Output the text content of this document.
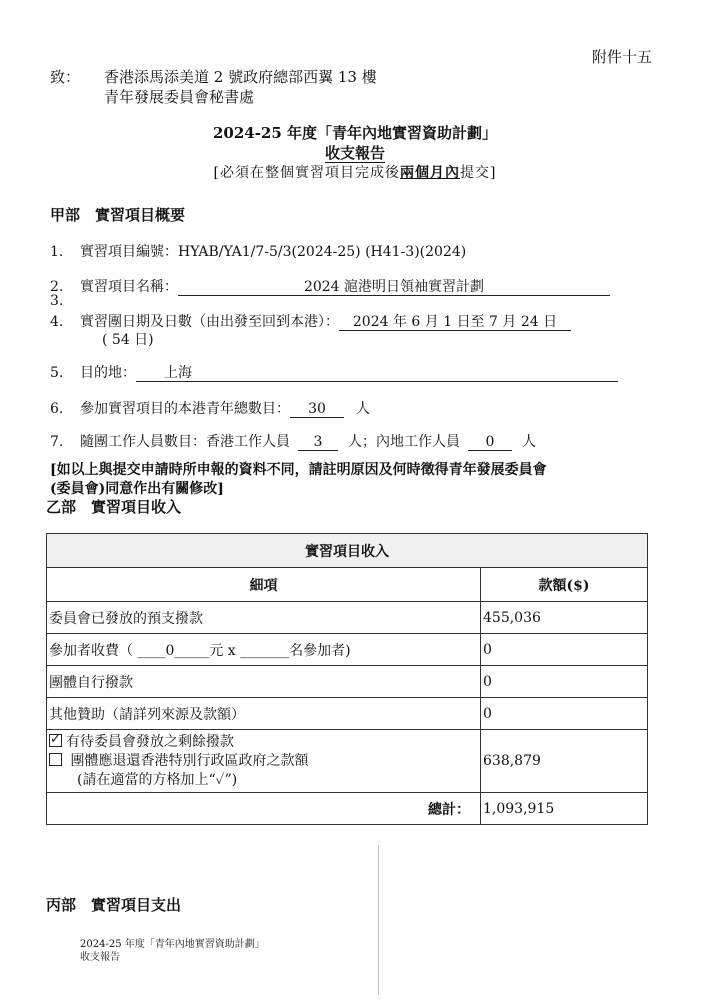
附件十五
致： 香港添馬添美道 2 號政府總部西翼 13 樓
青年發展委員會秘書處
2024-25 年度「青年內地實習資助計劃」
收支報告
[必須在整個實習項目完成後兩個月內提交]
甲部　實習項目概要
1. 實習項目編號：HYAB/YA1/7-5/3(2024-25) (H41-3)(2024)
2. 實習項目名稱：	2024 滬港明日領袖實習計劃
3.
4. 實習團日期及日數（由出發至回到本港）： 2024 年 6 月 1 日至 7 月 24 日
( 54 日)
5. 目的地： 上海
6. 參加實習項目的本港青年總數目： 30 人
7. 隨團工作人員數目：香港工作人員 3 人；內地工作人員 0 人
[如以上與提交申請時所申報的資料不同，請註明原因及何時徵得青年發展委員會
(委員會)同意作出有關修改]
乙部　實習項目收入
實習項目收入	
細項	款額($)
委員會已發放的預支撥款	455,036
參加者收費（ ____0_____元 x _______名參加者)	0
團體自行撥款	0
其他贊助（請詳列來源及款額）	0

✓有待委員會發放之剩餘撥款
團體應退還香港特別行政區政府之款額
(請在適當的方格加上“✓”)	638,879
總計：	1,093,915
丙部　實習項目支出
2024-25 年度「青年內地實習資助計劃」
收支報告
